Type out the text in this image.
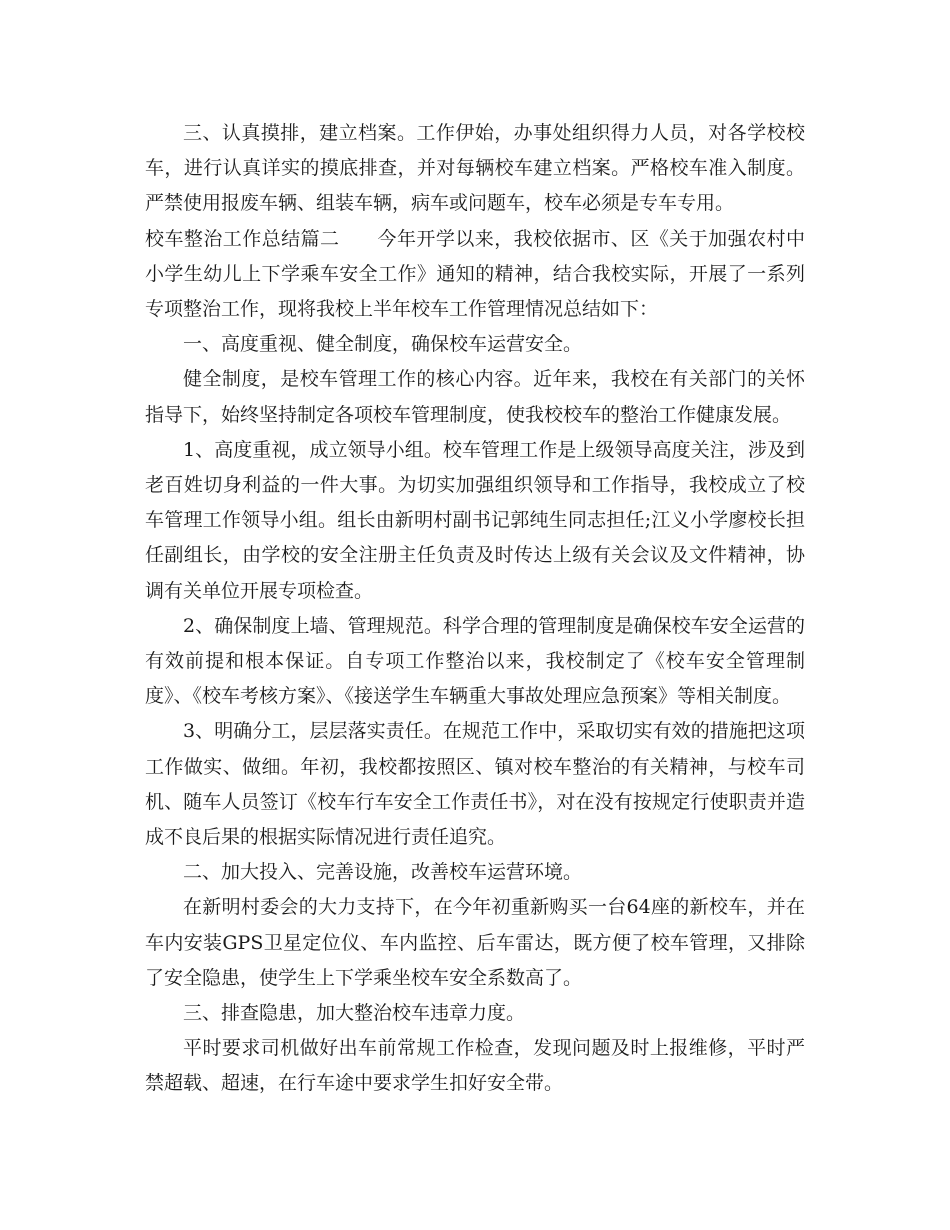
三、认真摸排，建立档案。工作伊始，办事处组织得力人员，对各学校校车，进行认真详实的摸底排查，并对每辆校车建立档案。严格校车准入制度。严禁使用报废车辆、组装车辆，病车或问题车，校车必须是专车专用。

校车整治工作总结篇二 今年开学以来，我校依据市、区《关于加强农村中小学生幼儿上下学乘车安全工作》通知的精神，结合我校实际，开展了一系列专项整治工作，现将我校上半年校车工作管理情况总结如下：

一、高度重视、健全制度，确保校车运营安全。

健全制度，是校车管理工作的核心内容。近年来，我校在有关部门的关怀指导下，始终坚持制定各项校车管理制度，使我校校车的整治工作健康发展。

1、高度重视，成立领导小组。校车管理工作是上级领导高度关注，涉及到老百姓切身利益的一件大事。为切实加强组织领导和工作指导，我校成立了校车管理工作领导小组。组长由新明村副书记郭纯生同志担任;江义小学廖校长担任副组长，由学校的安全注册主任负责及时传达上级有关会议及文件精神，协调有关单位开展专项检查。

2、确保制度上墙、管理规范。科学合理的管理制度是确保校车安全运营的有效前提和根本保证。自专项工作整治以来，我校制定了《校车安全管理制度》、《校车考核方案》、《接送学生车辆重大事故处理应急预案》等相关制度。

3、明确分工，层层落实责任。在规范工作中，采取切实有效的措施把这项工作做实、做细。年初，我校都按照区、镇对校车整治的有关精神，与校车司机、随车人员签订《校车行车安全工作责任书》，对在没有按规定行使职责并造成不良后果的根据实际情况进行责任追究。

二、加大投入、完善设施，改善校车运营环境。

在新明村委会的大力支持下，在今年初重新购买一台64座的新校车，并在车内安装GPS卫星定位仪、车内监控、后车雷达，既方便了校车管理，又排除了安全隐患，使学生上下学乘坐校车安全系数高了。

三、排查隐患，加大整治校车违章力度。

平时要求司机做好出车前常规工作检查，发现问题及时上报维修，平时严禁超载、超速，在行车途中要求学生扣好安全带。
